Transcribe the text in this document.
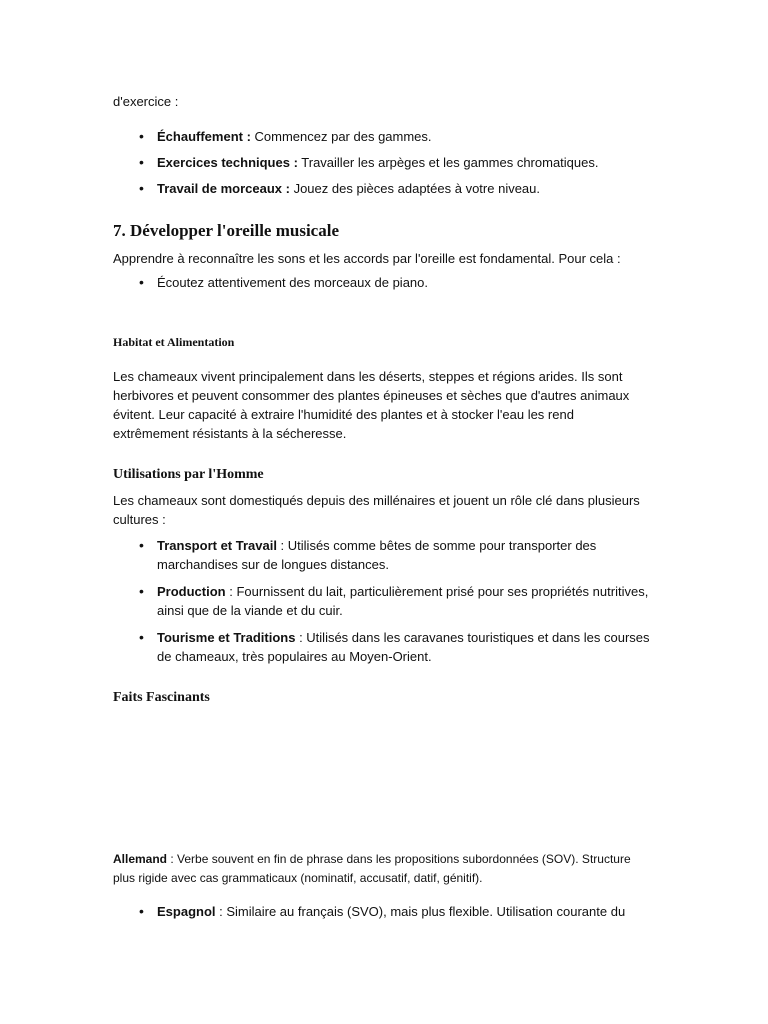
d'exercice :

• Échauffement : Commencez par des gammes.
• Exercices techniques : Travailler les arpèges et les gammes chromatiques.
• Travail de morceaux : Jouez des pièces adaptées à votre niveau.
7. Développer l'oreille musicale

Apprendre à reconnaître les sons et les accords par l'oreille est fondamental. Pour cela :

• Écoutez attentivement des morceaux de piano.
Habitat et Alimentation

Les chameaux vivent principalement dans les déserts, steppes et régions arides. Ils sont herbivores et peuvent consommer des plantes épineuses et sèches que d'autres animaux évitent. Leur capacité à extraire l'humidité des plantes et à stocker l'eau les rend extrêmement résistants à la sécheresse.

Utilisations par l'Homme

Les chameaux sont domestiqués depuis des millénaires et jouent un rôle clé dans plusieurs cultures :

• Transport et Travail : Utilisés comme bêtes de somme pour transporter des marchandises sur de longues distances.
• Production : Fournissent du lait, particulièrement prisé pour ses propriétés nutritives, ainsi que de la viande et du cuir.
• Tourisme et Traditions : Utilisés dans les caravanes touristiques et dans les courses de chameaux, très populaires au Moyen-Orient.
Faits Fascinants

Allemand : Verbe souvent en fin de phrase dans les propositions subordonnées (SOV). Structure plus rigide avec cas grammaticaux (nominatif, accusatif, datif, génitif).

• Espagnol : Similaire au français (SVO), mais plus flexible. Utilisation courante du
